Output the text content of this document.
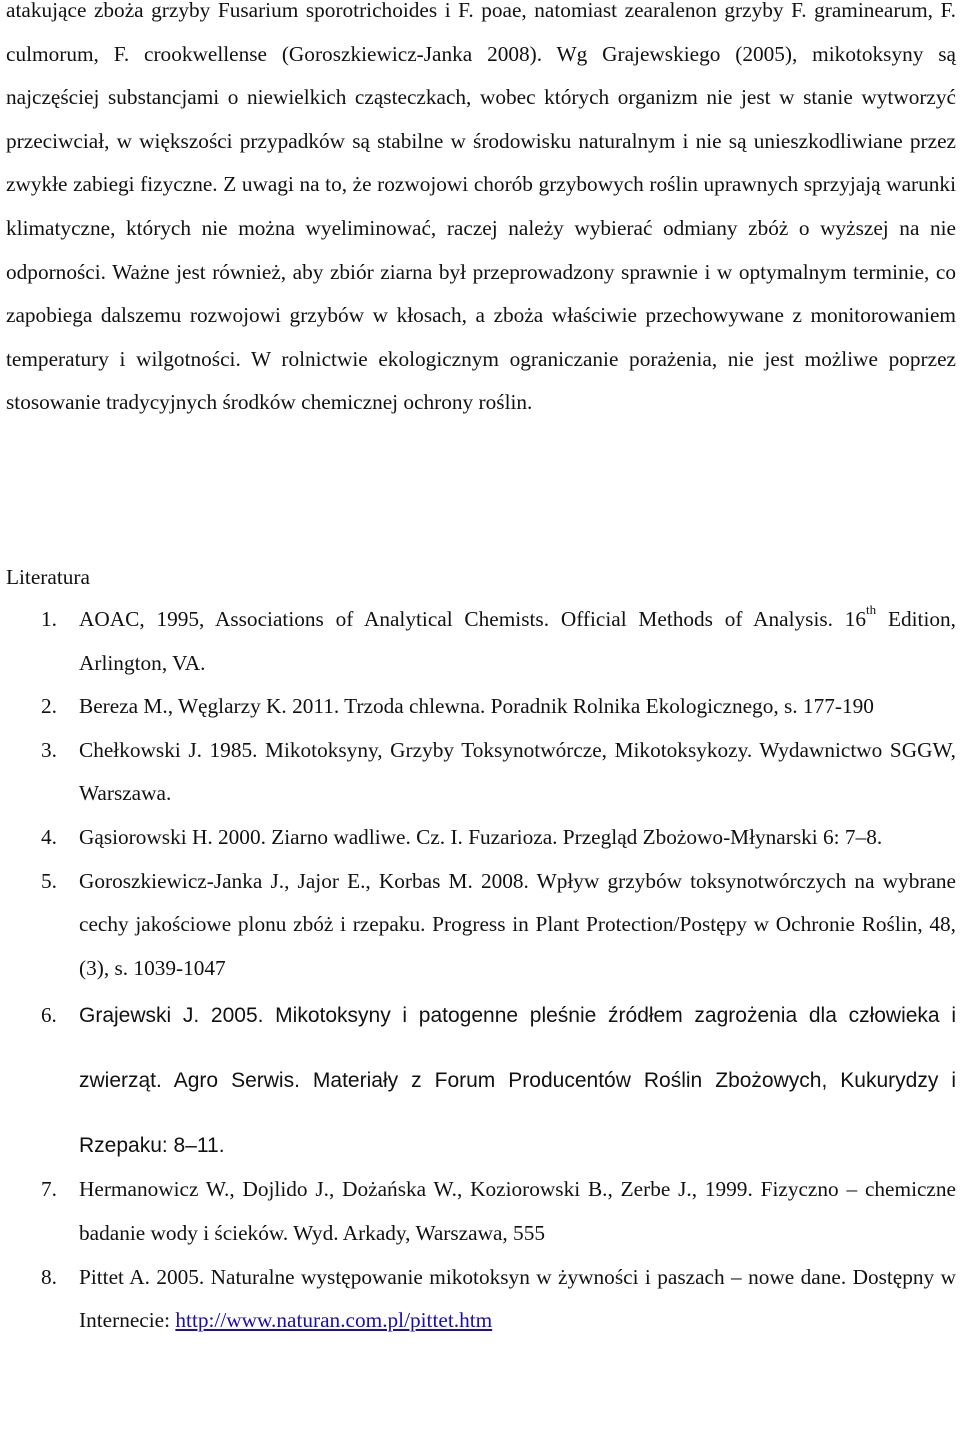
atakujące zboża grzyby Fusarium sporotrichoides i F. poae, natomiast zearalenon grzyby F. graminearum, F. culmorum, F. crookwellense (Goroszkiewicz-Janka 2008). Wg Grajewskiego (2005), mikotoksyny są najczęściej substancjami o niewielkich cząsteczkach, wobec których organizm nie jest w stanie wytworzyć przeciwciał, w większości przypadków są stabilne w środowisku naturalnym i nie są unieszkodliwiane przez zwykłe zabiegi fizyczne. Z uwagi na to, że rozwojowi chorób grzybowych roślin uprawnych sprzyjają warunki klimatyczne, których nie można wyeliminować, raczej należy wybierać odmiany zbóż o wyższej na nie odporności. Ważne jest również, aby zbiór ziarna był przeprowadzony sprawnie i w optymalnym terminie, co zapobiega dalszemu rozwojowi grzybów w kłosach, a zboża właściwie przechowywane z monitorowaniem temperatury i wilgotności. W rolnictwie ekologicznym ograniczanie porażenia, nie jest możliwe poprzez stosowanie tradycyjnych środków chemicznej ochrony roślin.

Literatura
1. AOAC, 1995, Associations of Analytical Chemists. Official Methods of Analysis. 16th Edition, Arlington, VA.
2. Bereza M., Węglarzy K. 2011. Trzoda chlewna. Poradnik Rolnika Ekologicznego, s. 177-190
3. Chełkowski J. 1985. Mikotoksyny, Grzyby Toksynotwórcze, Mikotoksykozy. Wydawnictwo SGGW, Warszawa.
4. Gąsiorowski H. 2000. Ziarno wadliwe. Cz. I. Fuzarioza. Przegląd Zbożowo-Młynarski 6: 7–8.
5. Goroszkiewicz-Janka J., Jajor E., Korbas M. 2008. Wpływ grzybów toksynotwórczych na wybrane cechy jakościowe plonu zbóż i rzepaku. Progress in Plant Protection/Postępy w Ochronie Roślin, 48, (3), s. 1039-1047
6. Grajewski J. 2005. Mikotoksyny i patogenne pleśnie źródłem zagrożenia dla człowieka i zwierząt. Agro Serwis. Materiały z Forum Producentów Roślin Zbożowych, Kukurydzy i Rzepaku: 8–11.
7. Hermanowicz W., Dojlido J., Dożańska W., Koziorowski B., Zerbe J., 1999. Fizyczno – chemiczne badanie wody i ścieków. Wyd. Arkady, Warszawa, 555
8. Pittet A. 2005. Naturalne występowanie mikotoksyn w żywności i paszach – nowe dane. Dostępny w Internecie: http://www.naturan.com.pl/pittet.htm
